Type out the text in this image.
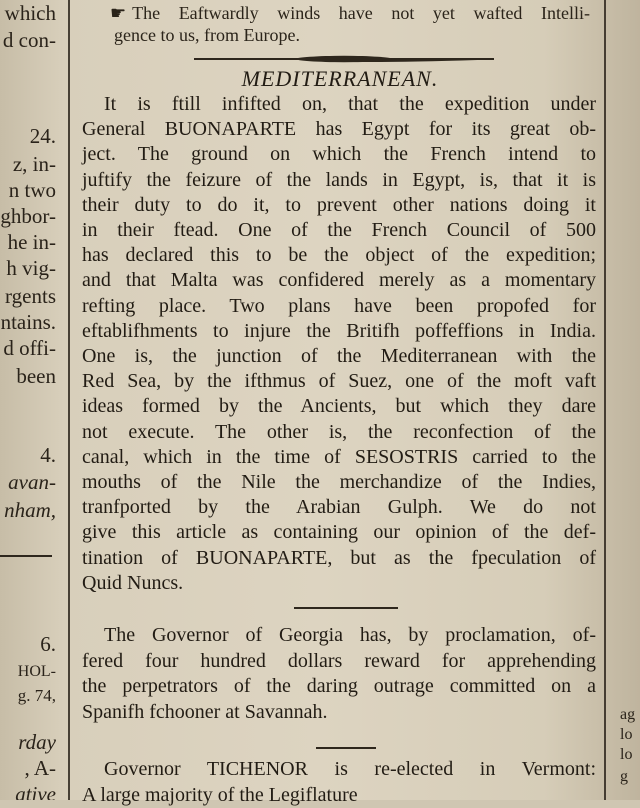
which
d con-
24.
z, in-
n two
ghbor-
he in-
h vig-
rgents
ntains.
d offi-
been
4.
avan-
nham,
6.
HOL-
g. 74,
rday
, A-
ative
ag
lo
lo
g
☛ The Eaftwardly winds have not yet wafted Intelli-
gence to us, from Europe.
MEDITERRANEAN.
It is ftill infifted on, that the expedition under
General BUONAPARTE has Egypt for its great ob-
ject. The ground on which the French intend to
juftify the feizure of the lands in Egypt, is, that it is
their duty to do it, to prevent other nations doing it
in their ftead. One of the French Council of 500
has declared this to be the object of the expedition;
and that Malta was confidered merely as a momentary
refting place. Two plans have been propofed for
eftablifhments to injure the Britifh poffeffions in India.
One is, the junction of the Mediterranean with the
Red Sea, by the ifthmus of Suez, one of the moft vaft
ideas formed by the Ancients, but which they dare
not execute. The other is, the reconfection of the
canal, which in the time of SESOSTRIS carried to the
mouths of the Nile the merchandize of the Indies,
tranfported by the Arabian Gulph. We do not
give this article as containing our opinion of the def-
tination of BUONAPARTE, but as the fpeculation of
Quid Nuncs.
The Governor of Georgia has, by proclamation, of-
fered four hundred dollars reward for apprehending
the perpetrators of the daring outrage committed on a
Spanifh fchooner at Savannah.
Governor TICHENOR is re-elected in Vermont:
A large majority of the Legiflature
